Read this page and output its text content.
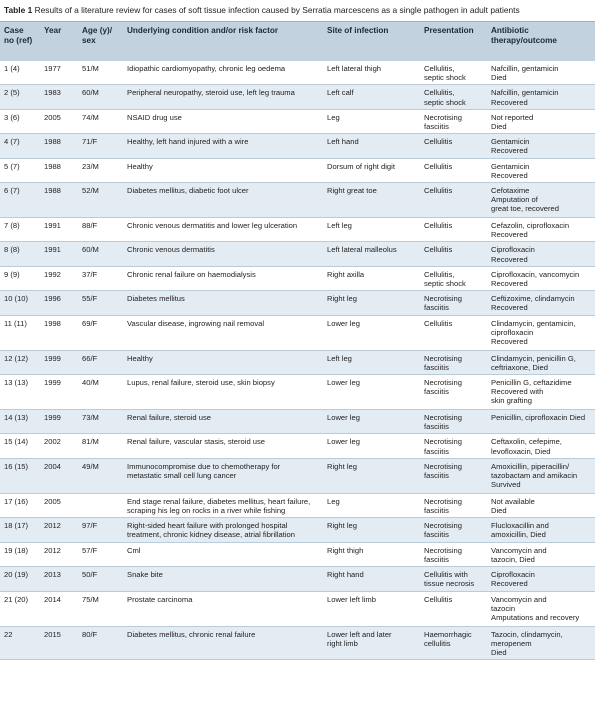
Table 1 Results of a literature review for cases of soft tissue infection caused by Serratia marcescens as a single pathogen in adult patients
Case
no (ref)	Year	Age (y)/
sex	Underlying condition and/or risk factor	Site of infection	Presentation	Antibiotic
therapy/outcome

1 (4)	1977	51/M	Idiopathic cardiomyopathy, chronic leg oedema	Left lateral thigh	Cellulitis,
septic shock	Nafcillin, gentamicin
Died

2 (5)	1983	60/M	Peripheral neuropathy, steroid use, left leg trauma	Left calf	Cellulitis,
septic shock	Nafcillin, gentamicin
Recovered

3 (6)	2005	74/M	NSAID drug use	Leg	Necrotising
fasciitis	Not reported
Died

4 (7)	1988	71/F	Healthy, left hand injured with a wire	Left hand	Cellulitis	Gentamicin
Recovered

5 (7)	1988	23/M	Healthy	Dorsum of right digit	Cellulitis	Gentamicin
Recovered

6 (7)	1988	52/M	Diabetes mellitus, diabetic foot ulcer	Right great toe	Cellulitis	Cefotaxime
Amputation of
great toe, recovered

7 (8)	1991	88/F	Chronic venous dermatitis and lower leg ulceration	Left leg	Cellulitis	Cefazolin, ciprofloxacin
Recovered

8 (8)	1991	60/M	Chronic venous dermatitis	Left lateral malleolus	Cellulitis	Ciprofloxacin
Recovered

9 (9)	1992	37/F	Chronic renal failure on haemodialysis	Right axilla	Cellulitis,
septic shock	Ciprofloxacin, vancomycin
Recovered

10 (10)	1996	55/F	Diabetes mellitus	Right leg	Necrotising
fasciitis	Ceftizoxime, clindamycin
Recovered

11 (11)	1998	69/F	Vascular disease, ingrowing nail removal	Lower leg	Cellulitis	Clindamycin, gentamicin,
ciprofloxacin
Recovered

12 (12)	1999	66/F	Healthy	Left leg	Necrotising
fasciitis	Clindamycin, penicillin G,
ceftriaxone, Died

13 (13)	1999	40/M	Lupus, renal failure, steroid use, skin biopsy	Lower leg	Necrotising
fasciitis	Penicillin G, ceftazidime
Recovered with
skin grafting

14 (13)	1999	73/M	Renal failure, steroid use	Lower leg	Necrotising
fasciitis	Penicillin, ciprofloxacin Died

15 (14)	2002	81/M	Renal failure, vascular stasis, steroid use	Lower leg	Necrotising
fasciitis	Ceftaxolin, cefepime,
levofloxacin, Died

16 (15)	2004	49/M	Immunocompromise due to chemotherapy for
metastatic small cell lung cancer	Right leg	Necrotising
fasciitis	Amoxicillin, piperacillin/
tazobactam and amikacin
Survived

17 (16)	2005		End stage renal failure, diabetes mellitus, heart failure,
scraping his leg on rocks in a river while fishing	Leg	Necrotising
fasciitis	Not available
Died

18 (17)	2012	97/F	Right-sided heart failure with prolonged hospital
treatment, chronic kidney disease, atrial fibrillation	Right leg	Necrotising
fasciitis	Flucloxacillin and
amoxicillin, Died

19 (18)	2012	57/F	Cml	Right thigh	Necrotising
fasciitis	Vancomycin and
tazocin, Died

20 (19)	2013	50/F	Snake bite	Right hand	Cellulitis with
tissue necrosis	Ciprofloxacin
Recovered

21 (20)	2014	75/M	Prostate carcinoma	Lower left limb	Cellulitis	Vancomycin and
tazocin
Amputations and recovery

22	2015	80/F	Diabetes mellitus, chronic renal failure	Lower left and later
right limb	Haemorrhagic
cellulitis	Tazocin, clindamycin,
meropenem
Died
